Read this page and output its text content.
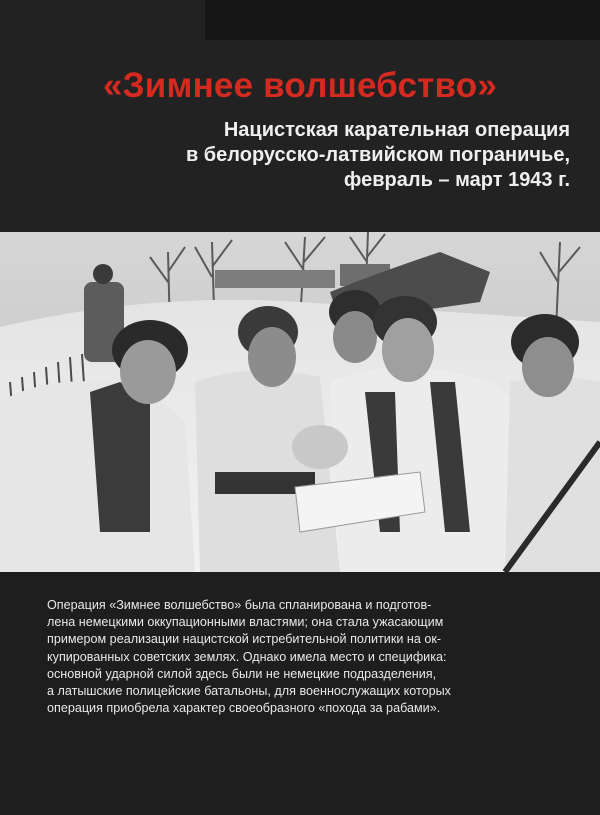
«Зимнее волшебство»
Нацистская карательная операция
в белорусско-латвийском пограничье,
февраль – март 1943 г.
Операция «Зимнее волшебство» была спланирована и подготов-
лена немецкими оккупационными властями; она стала ужасающим
примером реализации нацистской истребительной политики на ок-
купированных советских землях. Однако имела место и специфика:
основной ударной силой здесь были не немецкие подразделения,
а латышские полицейские батальоны, для военнослужащих которых
операция приобрела характер своеобразного «похода за рабами».
